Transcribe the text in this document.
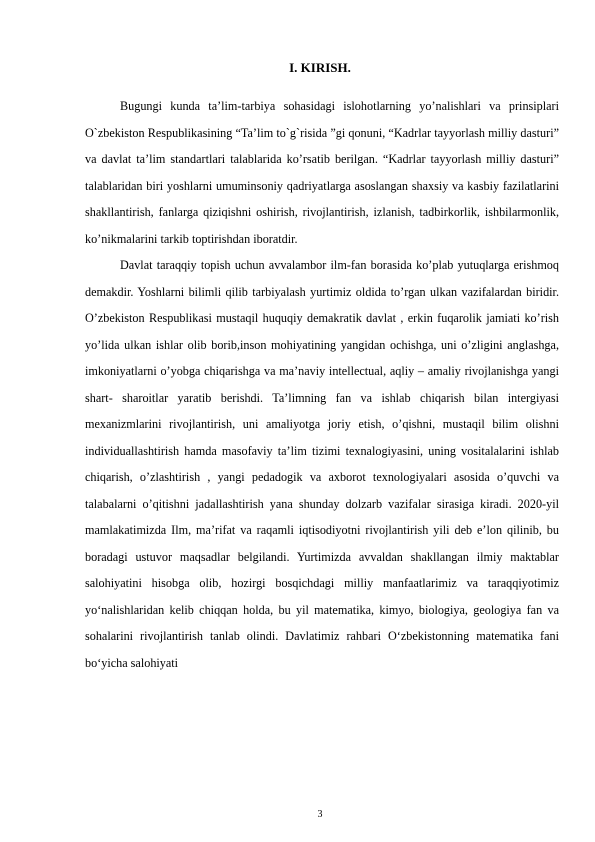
I. KIRISH.

Bugungi kunda ta’lim-tarbiya sohasidagi islohotlarning yo’nalishlari va prinsiplari O`zbekiston Respublikasining “Ta’lim to`g`risida ”gi qonuni, “Kadrlar tayyorlash milliy dasturi” va davlat ta’lim standartlari talablarida ko’rsatib berilgan. “Kadrlar tayyorlash milliy dasturi” talablaridan biri yoshlarni umuminsoniy qadriyatlarga asoslangan shaxsiy va kasbiy fazilatlarini shakllantirish, fanlarga qiziqishni oshirish, rivojlantirish, izlanish, tadbirkorlik, ishbilarmonlik, ko’nikmalarini tarkib toptirishdan iboratdir.

Davlat taraqqiy topish uchun avvalambor ilm-fan borasida ko’plab yutuqlarga erishmoq demakdir. Yoshlarni bilimli qilib tarbiyalash yurtimiz oldida to’rgan ulkan vazifalardan biridir. O’zbekiston Respublikasi mustaqil huquqiy demakratik davlat , erkin fuqarolik jamiati ko’rish yo’lida ulkan ishlar olib borib,inson mohiyatining yangidan ochishga, uni o’zligini anglashga, imkoniyatlarni o’yobga chiqarishga va ma’naviy intellectual, aqliy – amaliy rivojlanishga yangi shart- sharoitlar yaratib berishdi. Ta’limning fan va ishlab chiqarish bilan intergiyasi mexanizmlarini rivojlantirish, uni amaliyotga joriy etish, o’qishni, mustaqil bilim olishni individuallashtirish hamda masofaviy ta’lim tizimi texnalogiyasini, uning vositalalarini ishlab chiqarish, o’zlashtirish , yangi pedadogik va axborot texnologiyalari asosida o’quvchi va talabalarni o’qitishni jadallashtirish yana shunday dolzarb vazifalar sirasiga kiradi. 2020-yil mamlakatimizda Ilm, ma’rifat va raqamli iqtisodiyotni rivojlantirish yili deb e’lon qilinib, bu boradagi ustuvor maqsadlar belgilandi. Yurtimizda avvaldan shakllangan ilmiy maktablar salohiyatini hisobga olib, hozirgi bosqichdagi milliy manfaatlarimiz va taraqqiyotimiz yo‘nalishlaridan kelib chiqqan holda, bu yil matematika, kimyo, biologiya, geologiya fan va sohalarini rivojlantirish tanlab olindi. Davlatimiz rahbari O‘zbekistonning matematika fani bo‘yicha salohiyati

3
